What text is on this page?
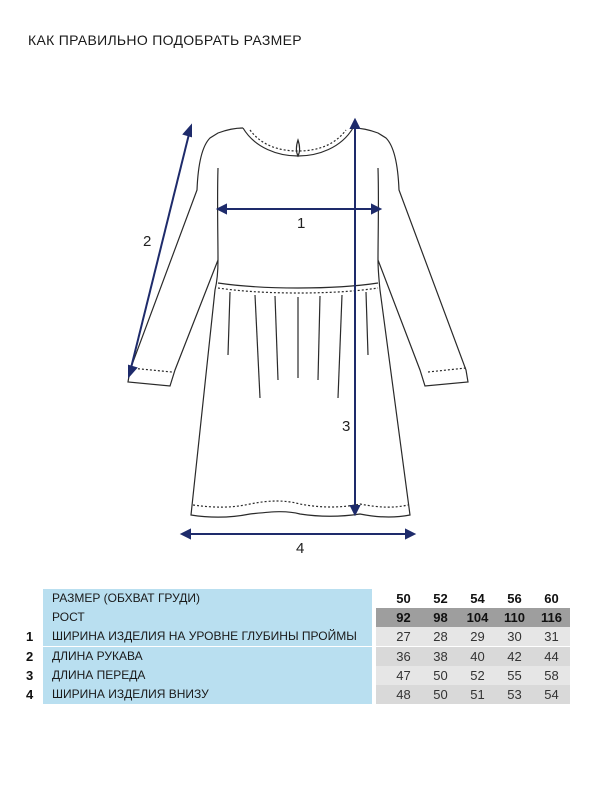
КАК ПРАВИЛЬНО ПОДОБРАТЬ РАЗМЕР
1
2
3
4
РАЗМЕР (ОБХВАТ ГРУДИ)	50	52	54	56	60
РОСТ	92	98	104	110	116
1	ШИРИНА ИЗДЕЛИЯ НА УРОВНЕ ГЛУБИНЫ ПРОЙМЫ	27	28	29	30	31
2	ДЛИНА РУКАВА	36	38	40	42	44
3	ДЛИНА ПЕРЕДА	47	50	52	55	58
4	ШИРИНА ИЗДЕЛИЯ ВНИЗУ	48	50	51	53	54
